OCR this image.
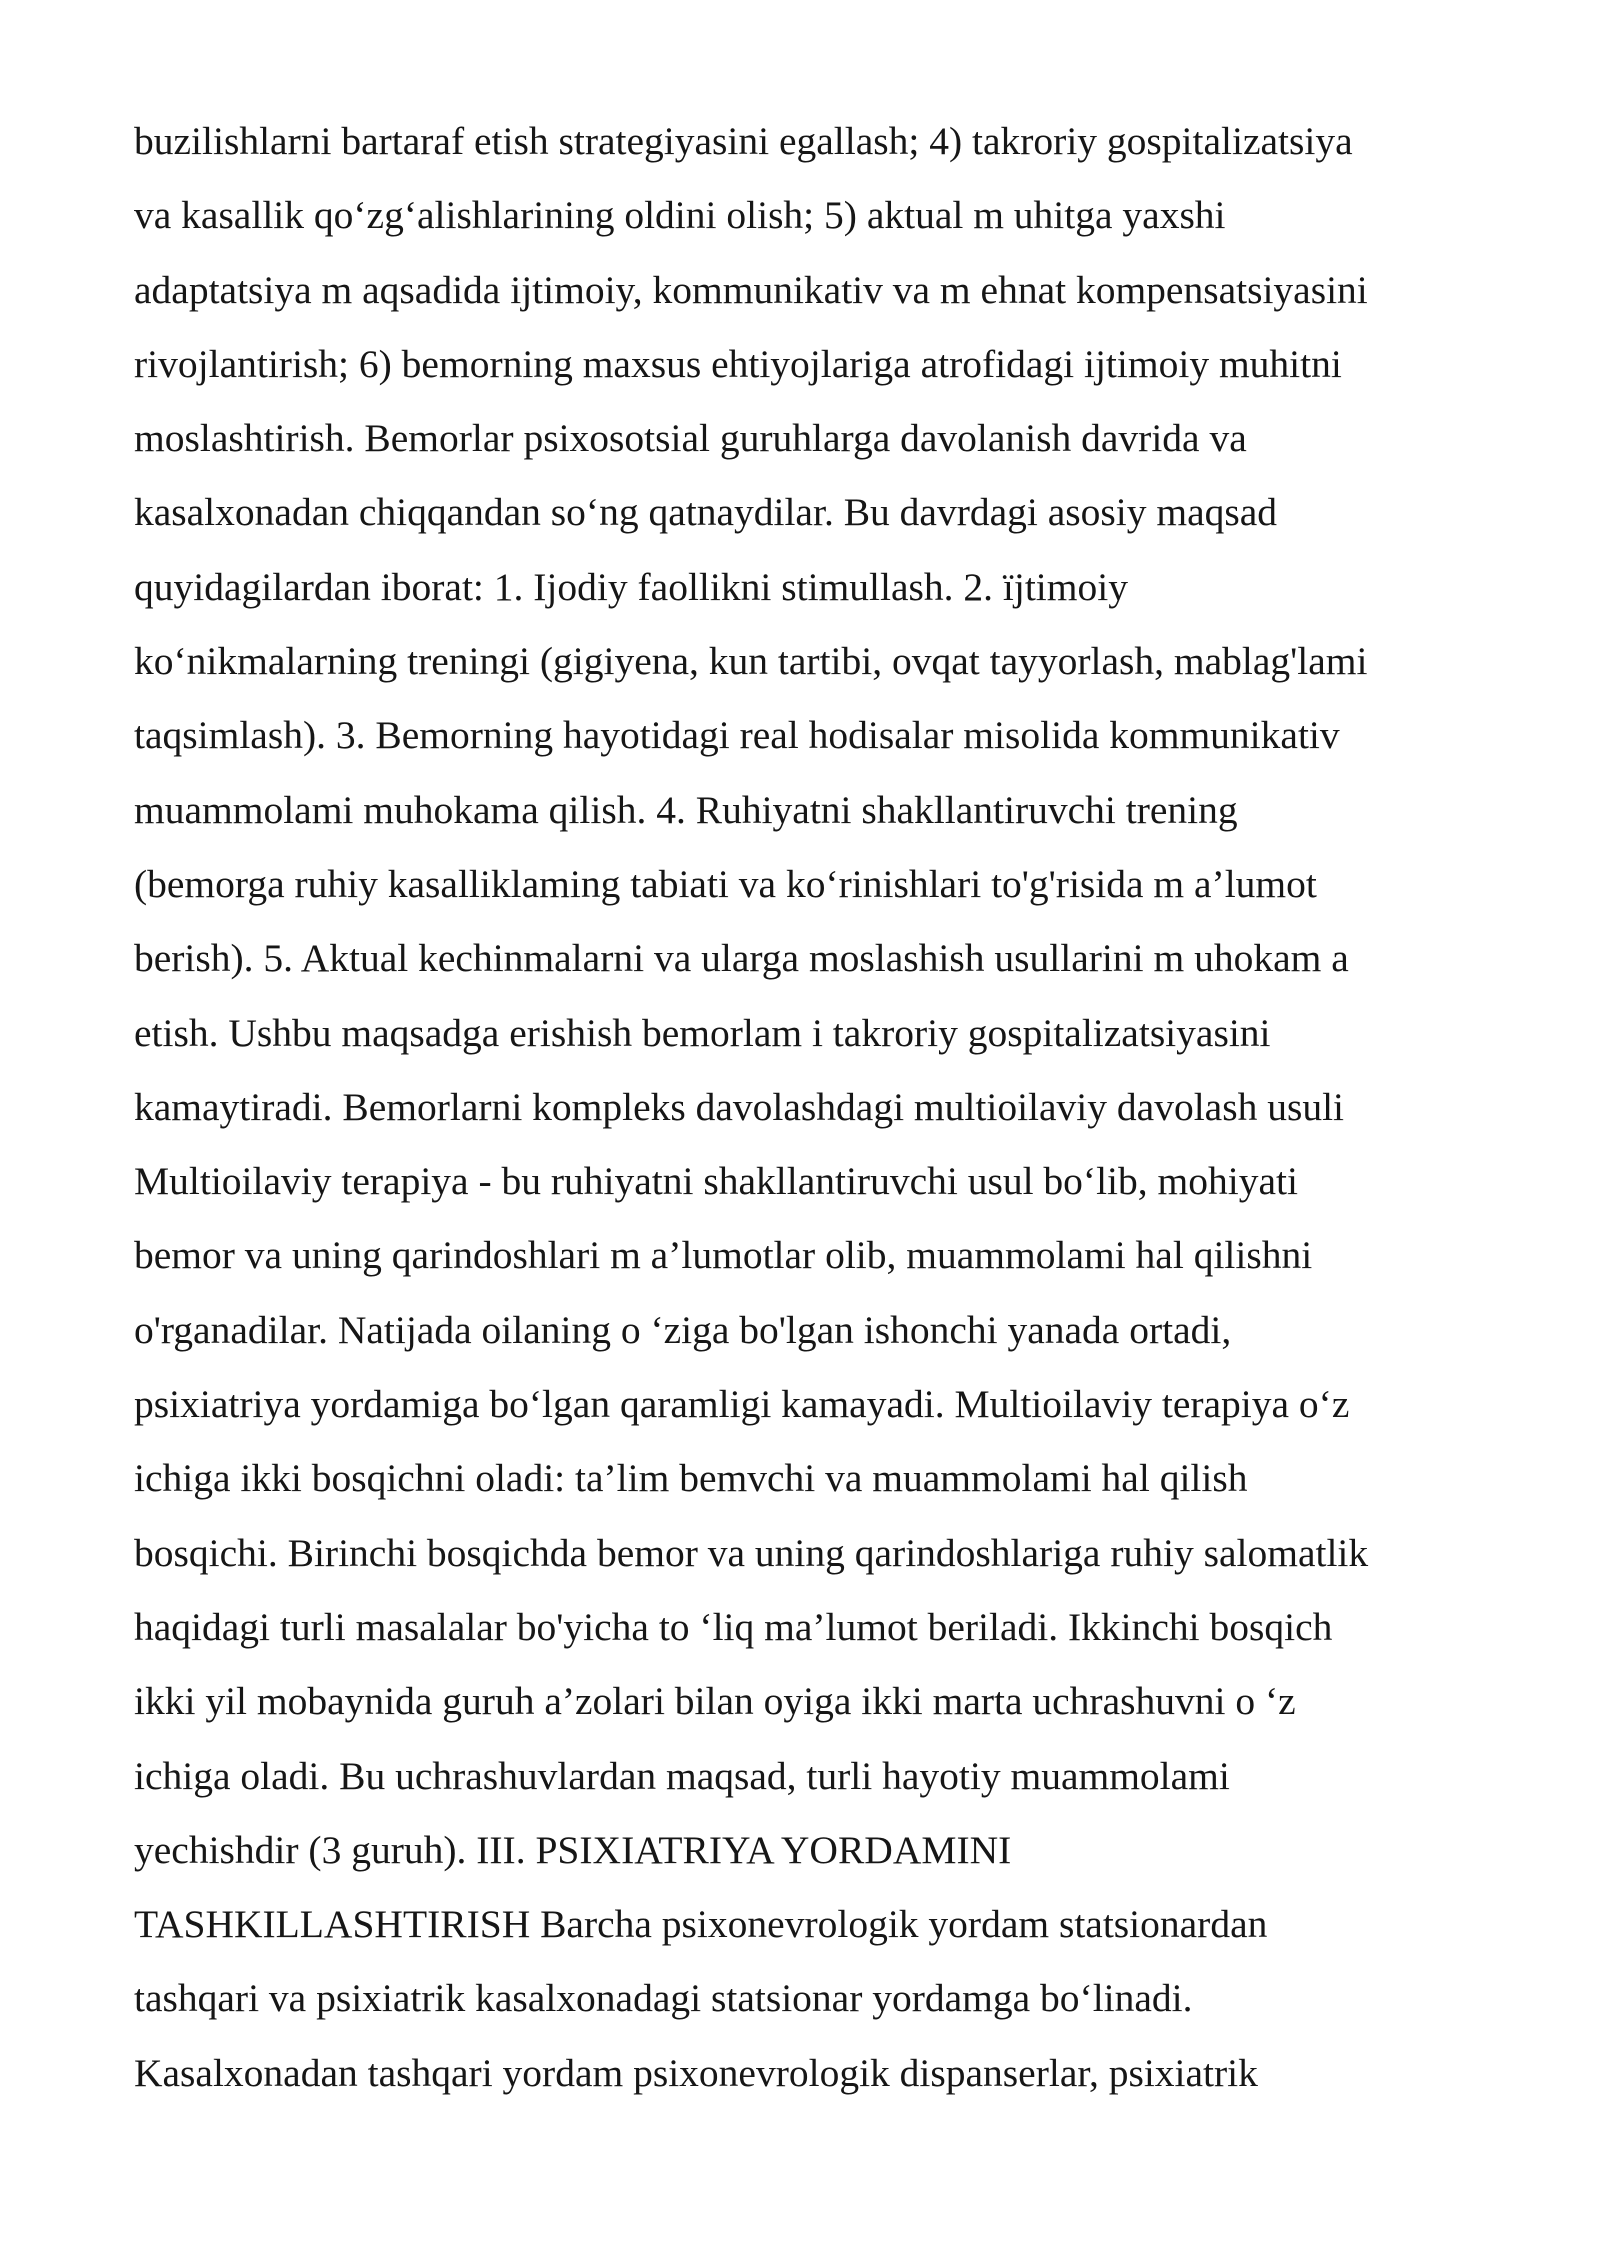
buzilishlarni bartaraf etish strategiyasini egallash; 4) takroriy gospitalizatsiya
va kasallik qo‘zg‘alishlarining oldini olish; 5) aktual m uhitga yaxshi
adaptatsiya m aqsadida ijtimoiy, kommunikativ va m ehnat kompensatsiyasini
rivojlantirish; 6) bemorning maxsus ehtiyojlariga atrofidagi ijtimoiy muhitni
moslashtirish. Bemorlar psixosotsial guruhlarga davolanish davrida va
kasalxonadan chiqqandan so‘ng qatnaydilar. Bu davrdagi asosiy maqsad
quyidagilardan iborat: 1. Ijodiy faollikni stimullash. 2. ïjtimoiy
ko‘nikmalarning treningi (gigiyena, kun tartibi, ovqat tayyorlash, mablag'lami
taqsimlash). 3. Bemorning hayotidagi real hodisalar misolida kommunikativ
muammolami muhokama qilish. 4. Ruhiyatni shakllantiruvchi trening
(bemorga ruhiy kasalliklaming tabiati va ko‘rinishlari to'g'risida m a’lumot
berish). 5. Aktual kechinmalarni va ularga moslashish usullarini m uhokam a
etish. Ushbu maqsadga erishish bemorlam i takroriy gospitalizatsiyasini
kamaytiradi. Bemorlarni kompleks davolashdagi multioilaviy davolash usuli
Multioilaviy terapiya - bu ruhiyatni shakllantiruvchi usul bo‘lib, mohiyati
bemor va uning qarindoshlari m a’lumotlar olib, muammolami hal qilishni
o'rganadilar. Natijada oilaning o ‘ziga bo'lgan ishonchi yanada ortadi,
psixiatriya yordamiga bo‘lgan qaramligi kamayadi. Multioilaviy terapiya o‘z
ichiga ikki bosqichni oladi: ta’lim bemvchi va muammolami hal qilish
bosqichi. Birinchi bosqichda bemor va uning qarindoshlariga ruhiy salomatlik
haqidagi turli masalalar bo'yicha to ‘liq ma’lumot beriladi. Ikkinchi bosqich
ikki yil mobaynida guruh a’zolari bilan oyiga ikki marta uchrashuvni o ‘z
ichiga oladi. Bu uchrashuvlardan maqsad, turli hayotiy muammolami
yechishdir (3 guruh). III. PSIXIATRIYA YORDAMINI
TASHKILLASHTIRISH Barcha psixonevrologik yordam statsionardan
tashqari va psixiatrik kasalxonadagi statsionar yordamga bo‘linadi.
Kasalxonadan tashqari yordam psixonevrologik dispanserlar, psixiatrik
